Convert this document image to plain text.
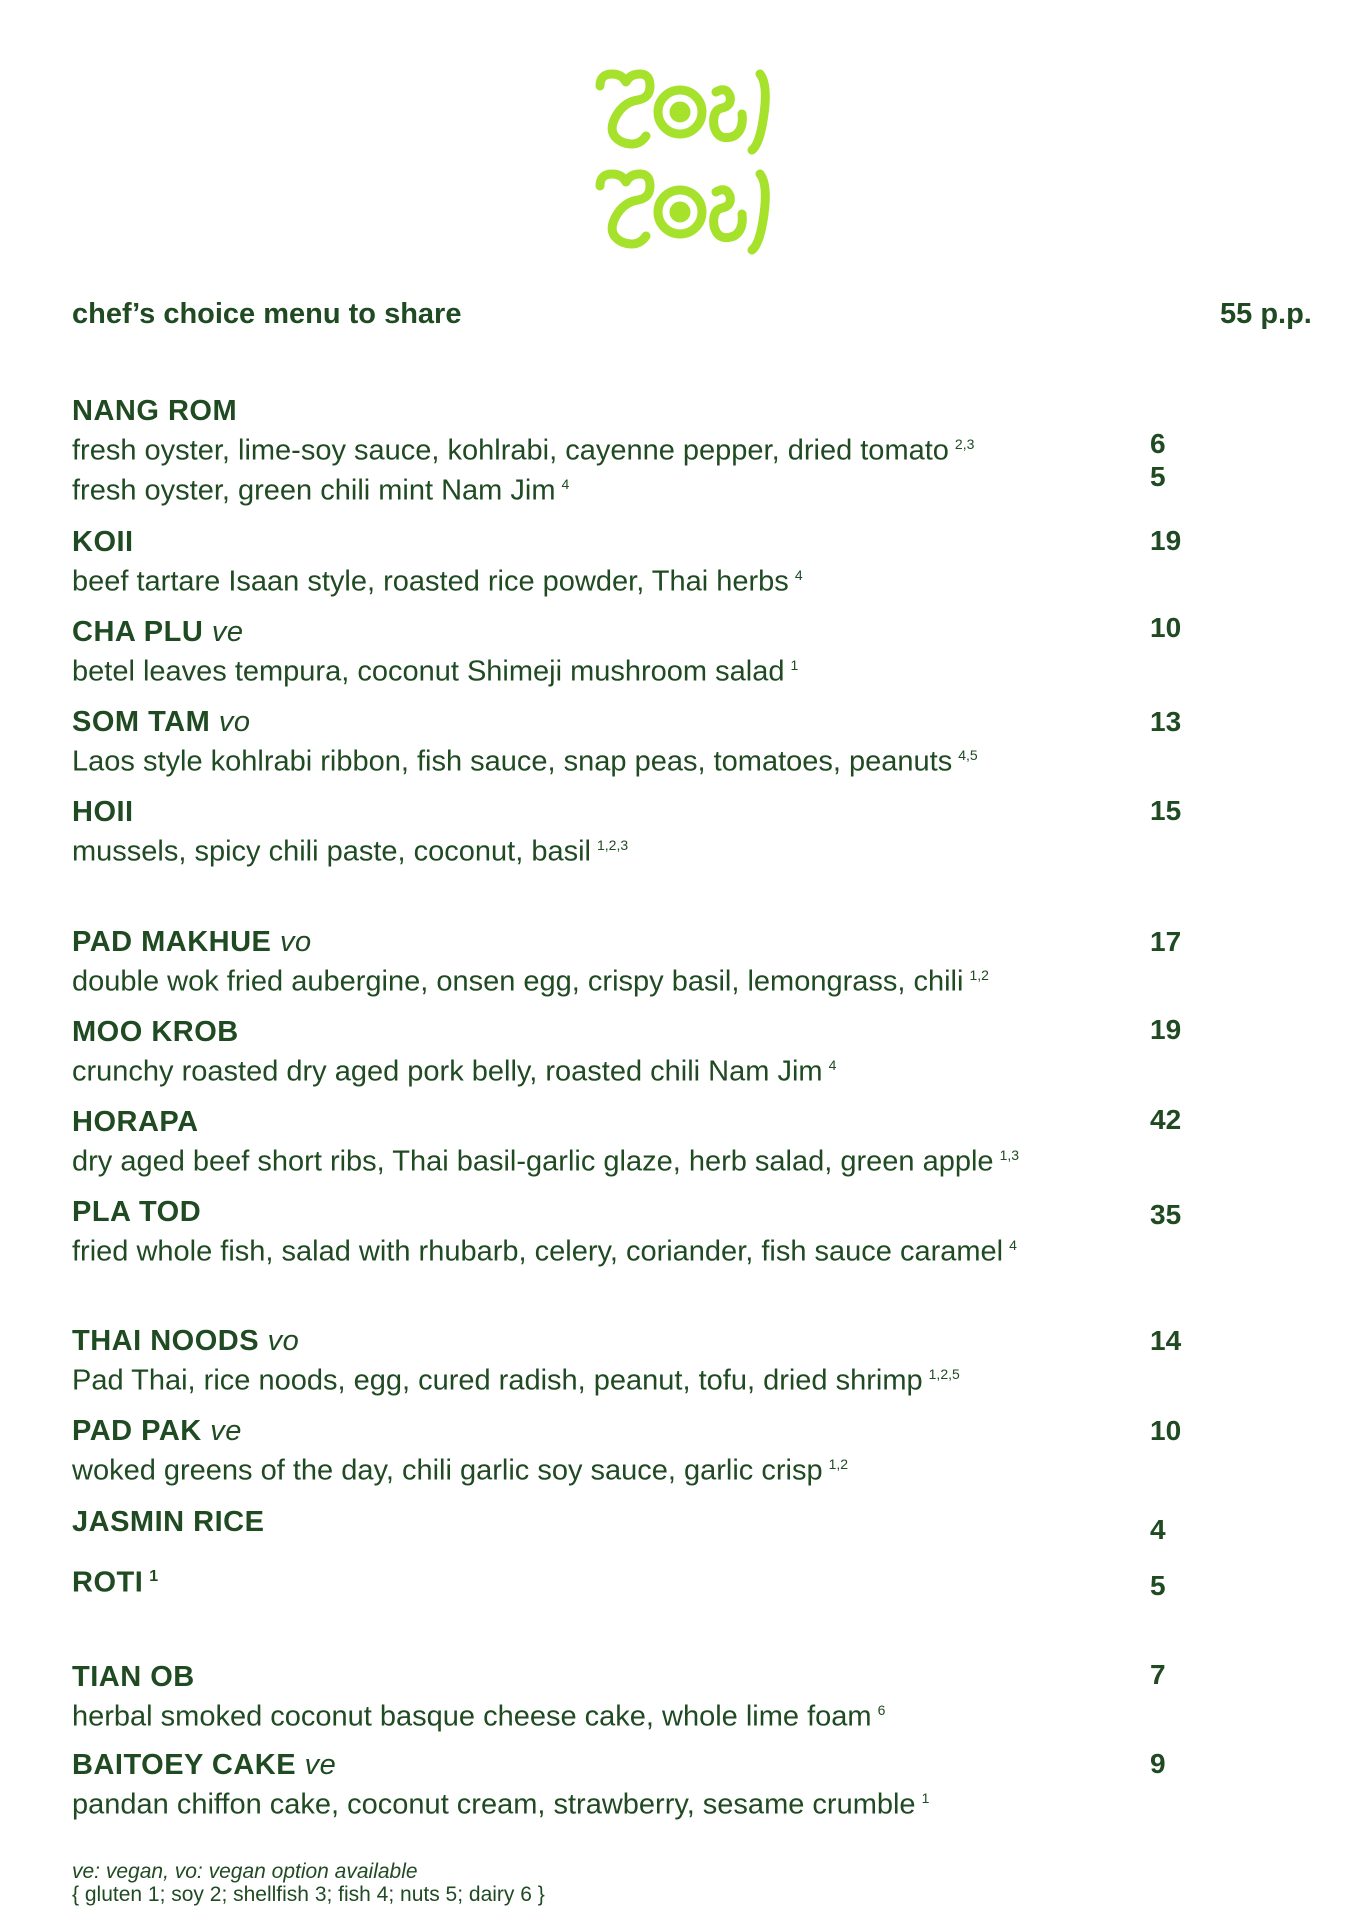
chef’s choice menu to share	55 p.p.
NANG ROM
fresh oyster, lime-soy sauce, kohlrabi, cayenne pepper, dried tomato $^{2,3}$
fresh oyster, green chili mint Nam Jim $^4$
6
5
KOII
beef tartare Isaan style, roasted rice powder, Thai herbs $^4$
19
CHA PLU ve
betel leaves tempura, coconut Shimeji mushroom salad $^1$
10
SOM TAM vo
Laos style kohlrabi ribbon, fish sauce, snap peas, tomatoes, peanuts $^{4,5}$
13
HOII
mussels, spicy chili paste, coconut, basil $^{1,2,3}$
15
PAD MAKHUE vo
double wok fried aubergine, onsen egg, crispy basil, lemongrass, chili $^{1,2}$
17
MOO KROB
crunchy roasted dry aged pork belly, roasted chili Nam Jim $^4$
19
HORAPA
dry aged beef short ribs, Thai basil-garlic glaze, herb salad, green apple $^{1,3}$
42
PLA TOD
fried whole fish, salad with rhubarb, celery, coriander, fish sauce caramel $^4$
35
THAI NOODS vo
Pad Thai, rice noods, egg, cured radish, peanut, tofu, dried shrimp $^{1,2,5}$
14
PAD PAK ve
woked greens of the day, chili garlic soy sauce, garlic crisp $^{1,2}$
10
JASMIN RICE	4
ROTI $^1$	5
TIAN OB
herbal smoked coconut basque cheese cake, whole lime foam $^6$
7
BAITOEY CAKE ve
pandan chiffon cake, coconut cream, strawberry, sesame crumble $^1$
9
ve: vegan, vo: vegan option available
{ gluten 1; soy 2; shellfish 3; fish 4; nuts 5; dairy 6 }
